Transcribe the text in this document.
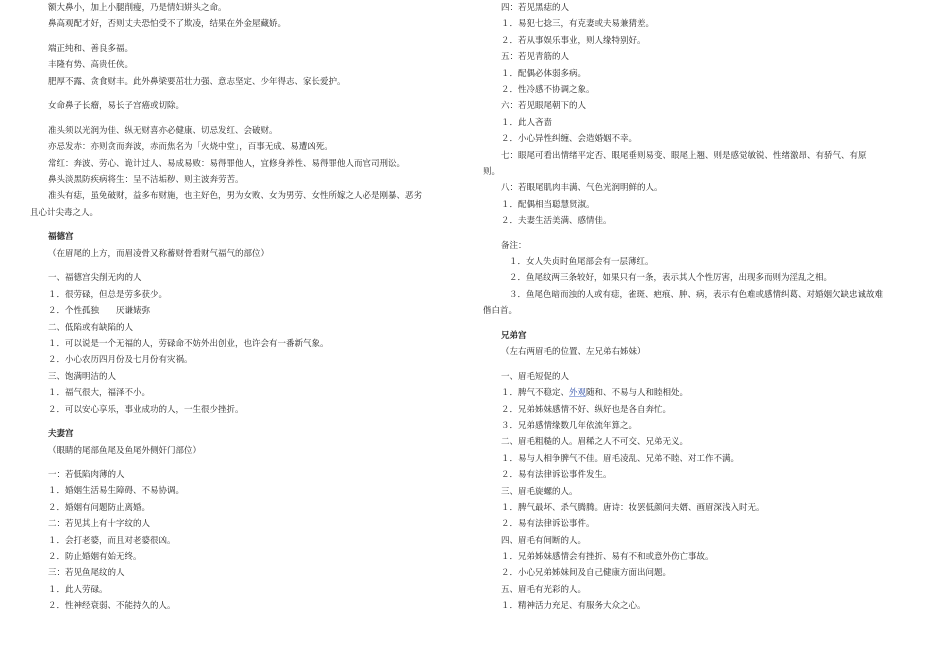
额大鼻小，加上小腿削瘦，乃是情妇姘头之命。
鼻高观配才好，否则丈夫恐怕受不了欺凌，结果在外金屋藏娇。
端正纯和、善良多福。
丰隆有势、高贵任侠。
肥厚不露、贪食财丰。此外鼻梁要茁壮力强、意志坚定、少年得志、家长爱护。
女命鼻子长瘤，易长子宫癌或切除。
准头须以光润为佳、纵无财喜亦必健康、切忌发红、会破财。
亦忌发赤：亦则贪而奔波，赤而焦名为「火烧中堂」，百事无成、易遭凶死。
常红：奔波、劳心、诡计过人、易成易败：易得罪他人，宜修身养性、易得罪他人而官司刑讼。
鼻头淡黑防疾病将生：呈不洁垢秽、则主波奔劳苦。
准头有痣，虽免破财，益多布财施，也主好色，男为女败、女为男劳、女性所嫁之人必是刚暴、恶劣
且心计尖毒之人。
福德宫
（在眉尾的上方，而眉凌骨又称蓄财骨看财气福气的部位）
一、福德宫尖削无肉的人
１．很劳碌，但总是劳多获少。
２．个性孤独　　厌谦婊弥
二、低陷或有缺陷的人
１．可以说是一个无福的人，劳碌命不妨外出创业，也许会有一番新气象。
２．小心农历四月份及七月份有灾祸。
三、饱满明洁的人
１．福气很大，福泽不小。
２．可以安心享乐，事业成功的人，一生很少挫折。
夫妻宫
（眼睛的尾部鱼尾及鱼尾外侧奸门部位）
一：若低陷肉薄的人
１．婚姻生活易生障碍、不易协调。
２．婚姻有问题防止离婚。
二：若见其上有十字纹的人
１．会打老婆，而且对老婆很凶。
２．防止婚姻有始无终。
三：若见鱼尾纹的人
１．此人劳碌。
２．性神经衰弱、不能持久的人。
四：若见黑痣的人
１．易犯七捻三，有克妻或夫易兼猜差。
２．若从事娱乐事业，则人缘特别好。
五：若见青筋的人
１．配偶必体弱多病。
２．性冷感不协调之象。
六：若见眼尾朝下的人
１．此人吝啬
２．小心异性纠缠、会造婚姻不幸。
七：眼尾可看出情绪平定否、眼尾垂则易变、眼尾上翘、则是感觉敏锐、性绪激昂、有骄气、有原
则。
八：若眼尾肌肉丰满、气色光润明鲜的人。
１．配偶相当聪慧贤淑。
２．夫妻生活美满、感情佳。
备注：
１．女人失贞时鱼尾部会有一层薄红。
２．鱼尾纹两三条较好，如果只有一条，表示其人个性厉害，出现多而则为淫乱之相。
３．鱼尾色暗而浊的人或有痣，雀斑、疤痕、肿、病，表示有色难或感情纠葛、对婚姻欠缺忠诚故难
偕白首。
兄弟宫
（左右两眉毛的位置、左兄弟右姊妹）
一、眉毛短促的人
１．脾气不稳定、外观随和、不易与人和睦相处。
２．兄弟姊妹感情不好、纵好也是各自奔忙。
３．兄弟感情缘数几年依流年算之。
二、眉毛粗糙的人。眉稀之人不可交、兄弟无义。
１．易与人相争脾气不佳。眉毛凌乱、兄弟不睦、对工作不满。
２．易有法律诉讼事件发生。
三、眉毛旋螺的人。
１．脾气最坏、杀气腾腾。唐诗：妆罢低颜问夫婿、画眉深浅入时无。
２．易有法律诉讼事件。
四、眉毛有间断的人。
１．兄弟姊妹感情会有挫折、易有不和或意外伤亡事故。
２．小心兄弟姊妹间及自己健康方面出问题。
五、眉毛有光彩的人。
１．精神活力充足、有服务大众之心。
